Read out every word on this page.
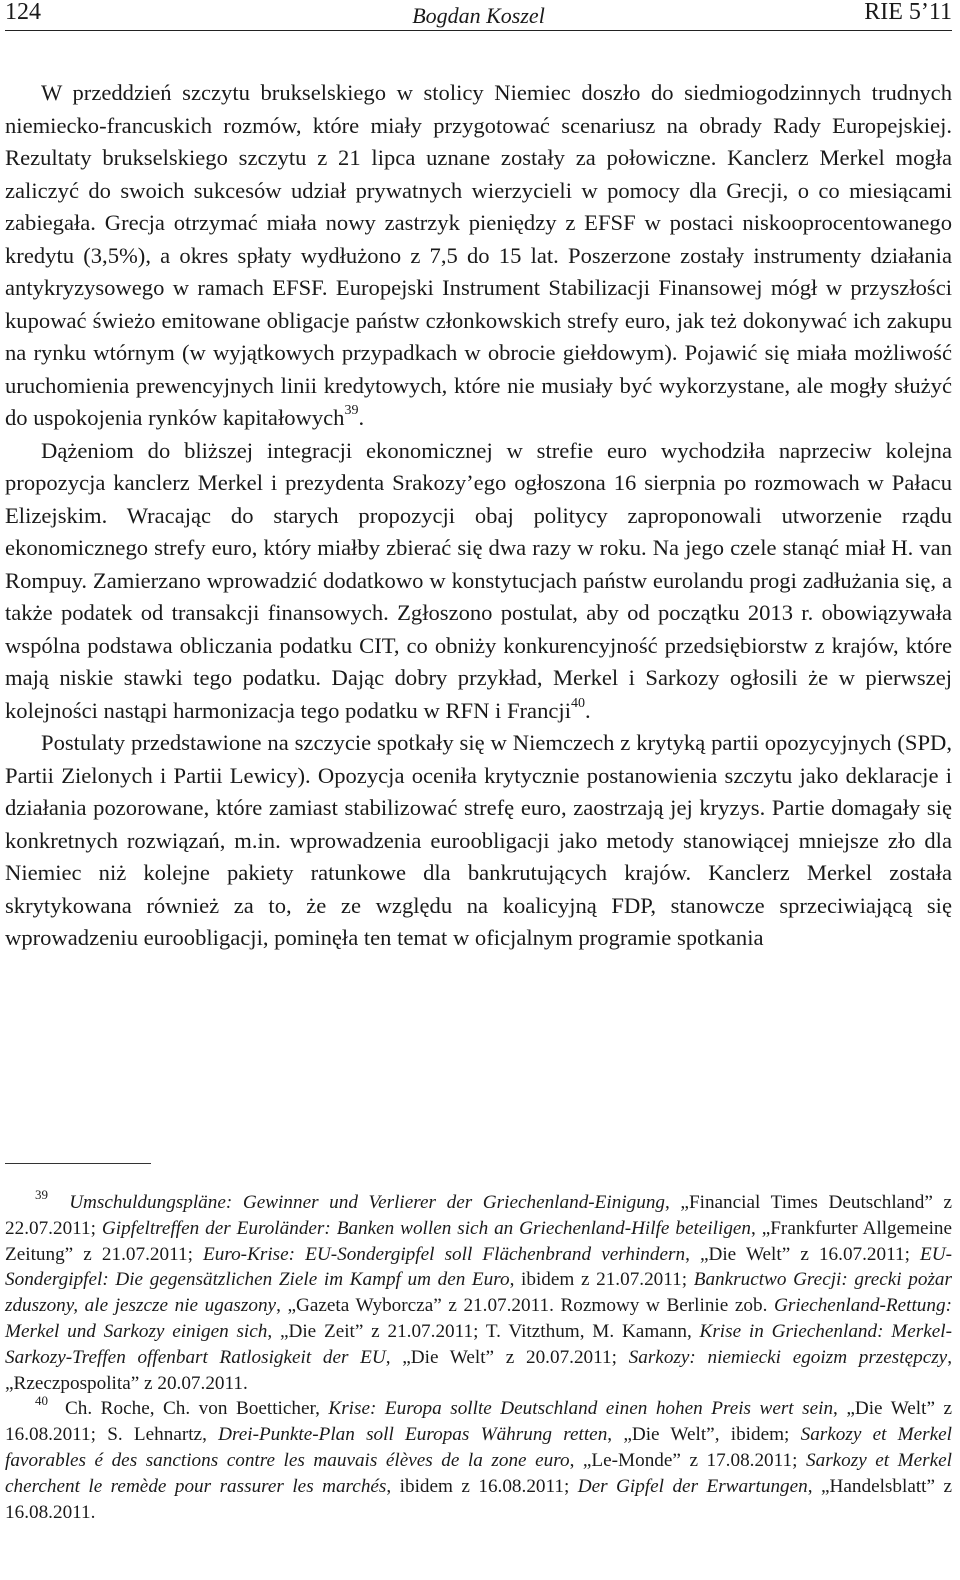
124	Bogdan Koszel	RIE 5’11

W przeddzień szczytu brukselskiego w stolicy Niemiec doszło do siedmiogodzinnych trudnych niemiecko-francuskich rozmów, które miały przygotować scenariusz na obrady Rady Europejskiej. Rezultaty brukselskiego szczytu z 21 lipca uznane zostały za połowiczne. Kanclerz Merkel mogła zaliczyć do swoich sukcesów udział prywatnych wierzycieli w pomocy dla Grecji, o co miesiącami zabiegała. Grecja otrzymać miała nowy zastrzyk pieniędzy z EFSF w postaci niskooprocentowanego kredytu (3,5%), a okres spłaty wydłużono z 7,5 do 15 lat. Poszerzone zostały instrumenty działania antykryzysowego w ramach EFSF. Europejski Instrument Stabilizacji Finansowej mógł w przyszłości kupować świeżo emitowane obligacje państw członkowskich strefy euro, jak też dokonywać ich zakupu na rynku wtórnym (w wyjątkowych przypadkach w obrocie giełdowym). Pojawić się miała możliwość uruchomienia prewencyjnych linii kredytowych, które nie musiały być wykorzystane, ale mogły służyć do uspokojenia rynków kapitałowych$^{39}$.

Dążeniom do bliższej integracji ekonomicznej w strefie euro wychodziła naprzeciw kolejna propozycja kanclerz Merkel i prezydenta Srakozy’ego ogłoszona 16 sierpnia po rozmowach w Pałacu Elizejskim. Wracając do starych propozycji obaj politycy zaproponowali utworzenie rządu ekonomicznego strefy euro, który miałby zbierać się dwa razy w roku. Na jego czele stanąć miał H. van Rompuy. Zamierzano wprowadzić dodatkowo w konstytucjach państw eurolandu progi zadłużania się, a także podatek od transakcji finansowych. Zgłoszono postulat, aby od początku 2013 r. obowiązywała wspólna podstawa obliczania podatku CIT, co obniży konkurencyjność przedsiębiorstw z krajów, które mają niskie stawki tego podatku. Dając dobry przykład, Merkel i Sarkozy ogłosili że w pierwszej kolejności nastąpi harmonizacja tego podatku w RFN i Francji$^{40}$.

Postulaty przedstawione na szczycie spotkały się w Niemczech z krytyką partii opozycyjnych (SPD, Partii Zielonych i Partii Lewicy). Opozycja oceniła krytycznie postanowienia szczytu jako deklaracje i działania pozorowane, które zamiast stabilizować strefę euro, zaostrzają jej kryzys. Partie domagały się konkretnych rozwiązań, m.in. wprowadzenia euroobligacji jako metody stanowiącej mniejsze zło dla Niemiec niż kolejne pakiety ratunkowe dla bankrutujących krajów. Kanclerz Merkel została skrytykowana również za to, że ze względu na koalicyjną FDP, stanowcze sprzeciwiającą się wprowadzeniu euroobligacji, pominęła ten temat w oficjalnym programie spotkania

$^{39}$ Umschuldungspläne: Gewinner und Verlierer der Griechenland-Einigung, „Financial Times Deutschland” z 22.07.2011; Gipfeltreffen der Euroländer: Banken wollen sich an Griechenland-Hilfe beteiligen, „Frankfurter Allgemeine Zeitung” z 21.07.2011; Euro-Krise: EU-Sondergipfel soll Flächenbrand verhindern, „Die Welt” z 16.07.2011; EU-Sondergipfel: Die gegensätzlichen Ziele im Kampf um den Euro, ibidem z 21.07.2011; Bankructwo Grecji: grecki pożar zduszony, ale jeszcze nie ugaszony, „Gazeta Wyborcza” z 21.07.2011. Rozmowy w Berlinie zob. Griechenland-Rettung: Merkel und Sarkozy einigen sich, „Die Zeit” z 21.07.2011; T. Vitzthum, M. Kamann, Krise in Griechenland: Merkel-Sarkozy-Treffen offenbart Ratlosigkeit der EU, „Die Welt” z 20.07.2011; Sarkozy: niemiecki egoizm przestępczy, „Rzeczpospolita” z 20.07.2011.

$^{40}$ Ch. Roche, Ch. von Boetticher, Krise: Europa sollte Deutschland einen hohen Preis wert sein, „Die Welt” z 16.08.2011; S. Lehnartz, Drei-Punkte-Plan soll Europas Währung retten, „Die Welt”, ibidem; Sarkozy et Merkel favorables é des sanctions contre les mauvais élèves de la zone euro, „Le-Monde” z 17.08.2011; Sarkozy et Merkel cherchent le remède pour rassurer les marchés, ibidem z 16.08.2011; Der Gipfel der Erwartungen, „Handelsblatt” z 16.08.2011.
